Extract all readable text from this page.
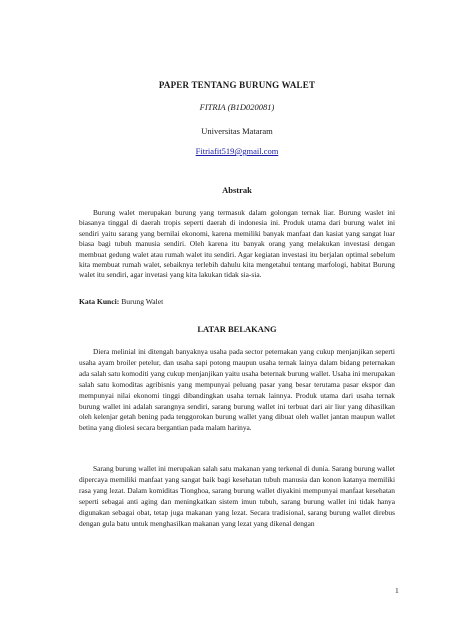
PAPER TENTANG BURUNG WALET
FITRIA (B1D020081)
Universitas Mataram
Fitriafit519@gmail.com
Abstrak

Burung walet merupakan burung yang termasuk dalam golongan ternak liar. Burung waslet ini biasanya tinggal di daerah tropis seperti daerah di indonesia ini. Produk utama dari burung walet ini sendiri yaitu sarang yang bernilai ekonomi, karena memiliki banyak manfaat dan kasiat yang sangat luar biasa bagi tubuh manusia sendiri. Oleh karena itu banyak orang yang melakukan investasi dengan membuat gedung walet atau rumah walet itu sendiri. Agar kegiatan investasi itu berjalan optimal sebelum kita membuat rumah walet, sebaiknya terlebih dahulu kita mengetahui tentang marfologi, habitat Burung walet itu sendiri, agar invetasi yang kita lakukan tidak sia-sia.

Kata Kunci: Burung Walet
LATAR BELAKANG

Diera melinial ini ditengah banyaknya usaha pada sector peternakan yang cukup menjanjikan seperti usaha ayam broiler petelur, dan usaha sapi potong maupun usaha ternak lainya dalam bidang peternakan ada salah satu komoditi yang cukup menjanjikan yaitu usaha beternak burung wallet. Usaha ini merupakan salah satu komoditas agribisnis yang mempunyai peluang pasar yang besar terutama pasar ekspor dan mempunyai nilai ekonomi tinggi dibandingkan usaha ternak lainnya. Produk utama dari usaha ternak burung wallet ini adalah sarangnya sendiri, sarang burung wallet ini terbuat dari air liur yang dihasilkan oleh kelenjar getah bening pada tenggorokan burung wallet yang dibuat oleh wallet jantan maupun wallet betina yang diolesi secara bergantian pada malam harinya.

Sarang burung wallet ini merupakan salah satu makanan yang terkenal di dunia. Sarang burung wallet dipercaya memiliki manfaat yang sangat baik bagi kesehatan tubuh manusia dan konon katanya memiliki rasa yang lezat. Dalam komiditas Tionghoa, sarang burung wallet diyakini mempunyai manfaat kesehatan seperti sebagai anti aging dan meningkatkan sistem imun tubuh, sarang burung wallet ini tidak hanya digunakan sebagai obat, tetap juga makanan yang lezat. Secara tradisional, sarang burung wallet direbus dengan gula batu untuk menghasilkan makanan yang lezat yang dikenal dengan

1
